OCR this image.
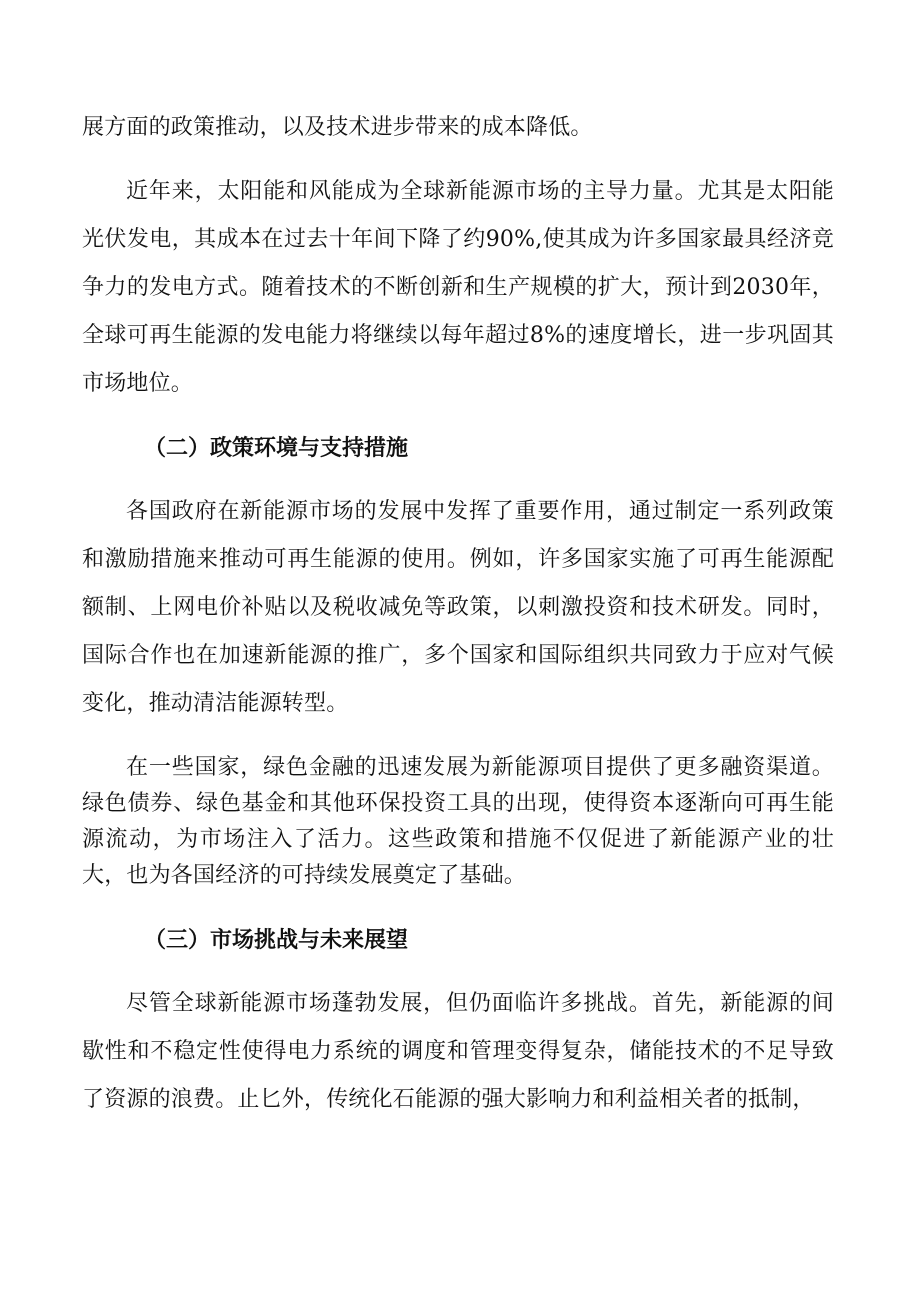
展方面的政策推动，以及技术进步带来的成本降低。

近年来，太阳能和风能成为全球新能源市场的主导力量。尤其是太阳能光伏发电，其成本在过去十年间下降了约90%,使其成为许多国家最具经济竞争力的发电方式。随着技术的不断创新和生产规模的扩大，预计到2030年，全球可再生能源的发电能力将继续以每年超过8%的速度增长，进一步巩固其市场地位。

（二）政策环境与支持措施

各国政府在新能源市场的发展中发挥了重要作用，通过制定一系列政策和激励措施来推动可再生能源的使用。例如，许多国家实施了可再生能源配额制、上网电价补贴以及税收减免等政策，以刺激投资和技术研发。同时，国际合作也在加速新能源的推广，多个国家和国际组织共同致力于应对气候变化，推动清洁能源转型。

在一些国家，绿色金融的迅速发展为新能源项目提供了更多融资渠道。绿色债券、绿色基金和其他环保投资工具的出现，使得资本逐渐向可再生能源流动，为市场注入了活力。这些政策和措施不仅促进了新能源产业的壮大，也为各国经济的可持续发展奠定了基础。

（三）市场挑战与未来展望

尽管全球新能源市场蓬勃发展，但仍面临许多挑战。首先，新能源的间歇性和不稳定性使得电力系统的调度和管理变得复杂，储能技术的不足导致了资源的浪费。止匕外，传统化石能源的强大影响力和利益相关者的抵制，
